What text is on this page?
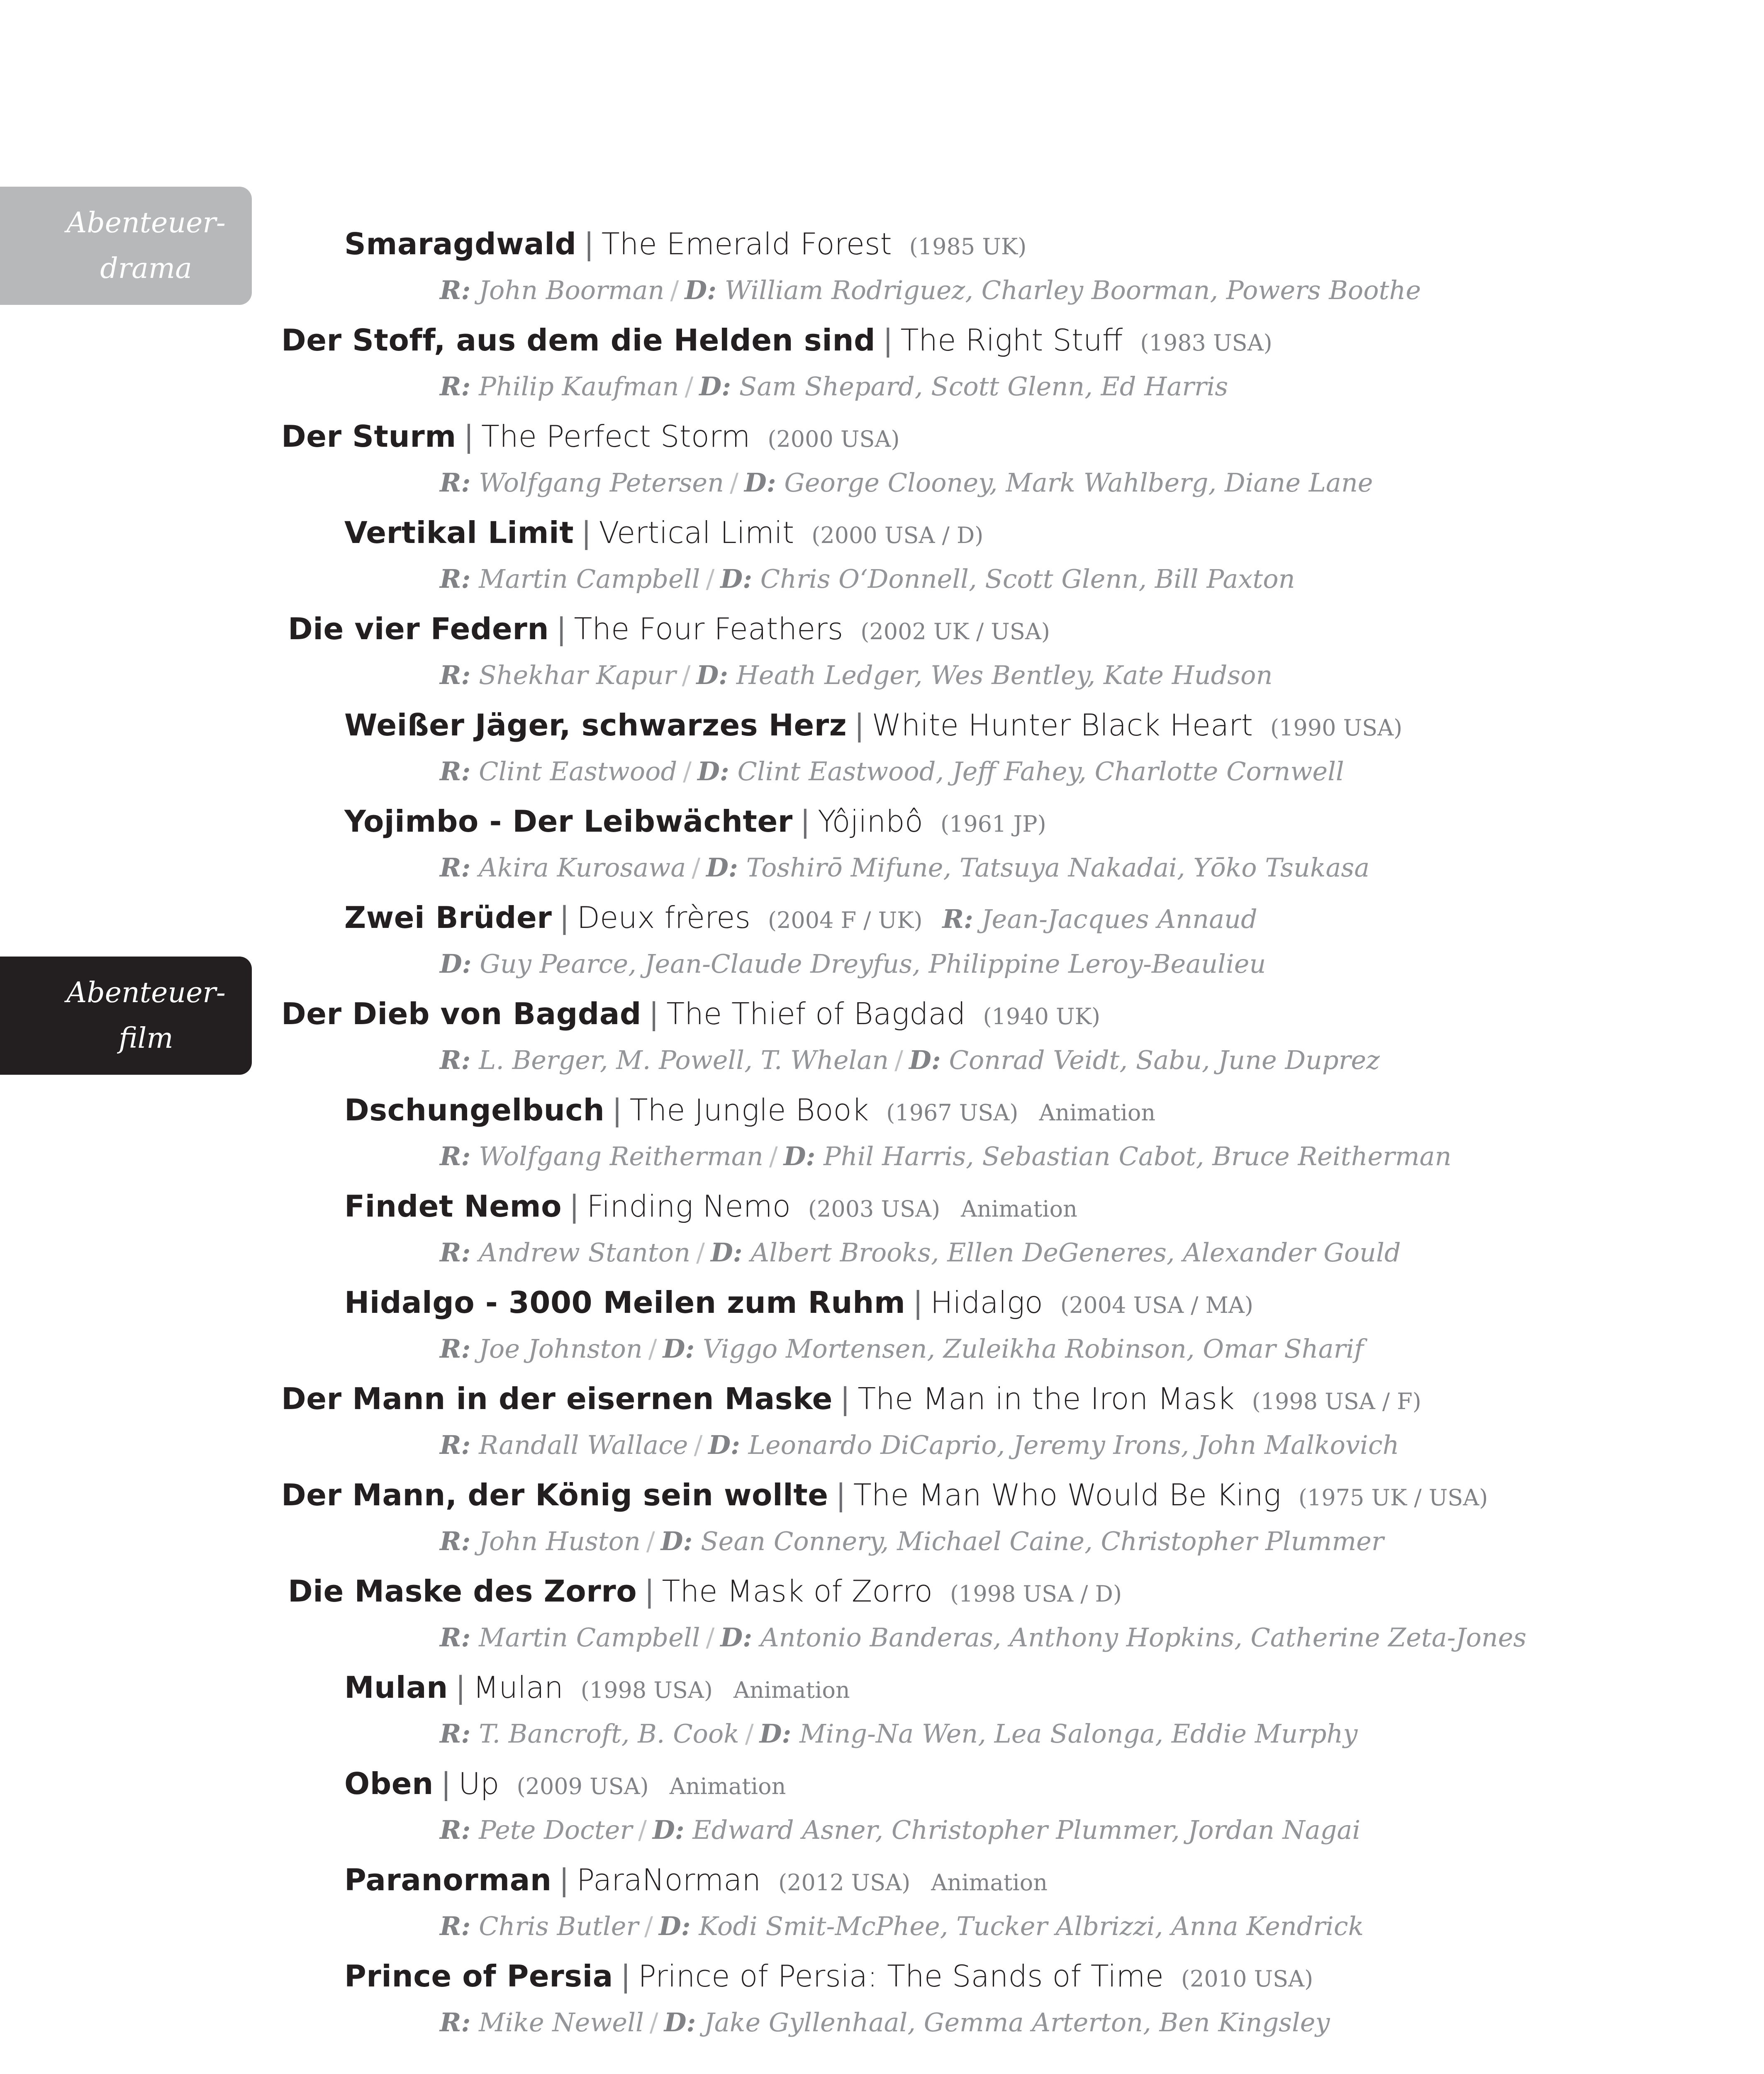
Abenteuer-
drama
Abenteuer-
film
Smaragdwald | The Emerald Forest (1985 UK)
R: John Boorman / D: William Rodriguez, Charley Boorman, Powers Boothe
Der Stoff, aus dem die Helden sind | The Right Stuff (1983 USA)
R: Philip Kaufman / D: Sam Shepard, Scott Glenn, Ed Harris
Der Sturm | The Perfect Storm (2000 USA)
R: Wolfgang Petersen / D: George Clooney, Mark Wahlberg, Diane Lane
Vertikal Limit | Vertical Limit (2000 USA / D)
R: Martin Campbell / D: Chris O‘Donnell, Scott Glenn, Bill Paxton
Die vier Federn | The Four Feathers (2002 UK / USA)
R: Shekhar Kapur / D: Heath Ledger, Wes Bentley, Kate Hudson
Weißer Jäger, schwarzes Herz | White Hunter Black Heart (1990 USA)
R: Clint Eastwood / D: Clint Eastwood, Jeff Fahey, Charlotte Cornwell
Yojimbo - Der Leibwächter | Yôjinbô (1961 JP)
R: Akira Kurosawa / D: Toshirō Mifune, Tatsuya Nakadai, Yōko Tsukasa
Zwei Brüder | Deux frères (2004 F / UK) R: Jean-Jacques Annaud
D: Guy Pearce, Jean-Claude Dreyfus, Philippine Leroy-Beaulieu
Der Dieb von Bagdad | The Thief of Bagdad (1940 UK)
R: L. Berger, M. Powell, T. Whelan / D: Conrad Veidt, Sabu, June Duprez
Dschungelbuch | The Jungle Book (1967 USA) Animation
R: Wolfgang Reitherman / D: Phil Harris, Sebastian Cabot, Bruce Reitherman
Findet Nemo | Finding Nemo (2003 USA) Animation
R: Andrew Stanton / D: Albert Brooks, Ellen DeGeneres, Alexander Gould
Hidalgo - 3000 Meilen zum Ruhm | Hidalgo (2004 USA / MA)
R: Joe Johnston / D: Viggo Mortensen, Zuleikha Robinson, Omar Sharif
Der Mann in der eisernen Maske | The Man in the Iron Mask (1998 USA / F)
R: Randall Wallace / D: Leonardo DiCaprio, Jeremy Irons, John Malkovich
Der Mann, der König sein wollte | The Man Who Would Be King (1975 UK / USA)
R: John Huston / D: Sean Connery, Michael Caine, Christopher Plummer
Die Maske des Zorro | The Mask of Zorro (1998 USA / D)
R: Martin Campbell / D: Antonio Banderas, Anthony Hopkins, Catherine Zeta-Jones
Mulan | Mulan (1998 USA) Animation
R: T. Bancroft, B. Cook / D: Ming-Na Wen, Lea Salonga, Eddie Murphy
Oben | Up (2009 USA) Animation
R: Pete Docter / D: Edward Asner, Christopher Plummer, Jordan Nagai
Paranorman | ParaNorman (2012 USA) Animation
R: Chris Butler / D: Kodi Smit-McPhee, Tucker Albrizzi, Anna Kendrick
Prince of Persia | Prince of Persia: The Sands of Time (2010 USA)
R: Mike Newell / D: Jake Gyllenhaal, Gemma Arterton, Ben Kingsley
